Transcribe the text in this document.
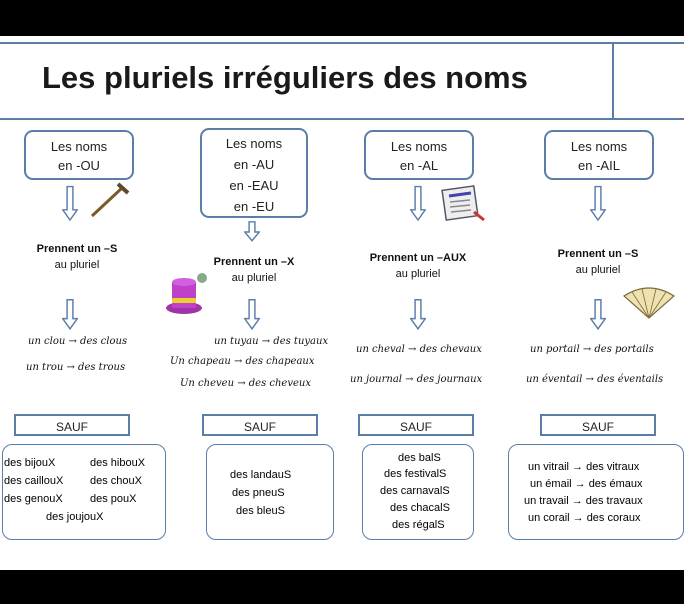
Les pluriels irréguliers des noms
Les noms
en -OU
Prennent un –S
au pluriel
un clou → des clous
un trou → des trous
Les noms
en -AU
en -EAU
en -EU
Prennent un –X
au pluriel
un tuyau → des tuyaux
Un chapeau → des chapeaux
Un cheveu → des cheveux
Les noms
en -AL
Prennent un –AUX
au pluriel
un cheval → des chevaux
un journal → des journaux
Les noms
en -AIL
Prennent un –S
au pluriel
un portail → des portails
un éventail → des éventails
SAUF	SAUF	SAUF	SAUF
des bijouX	des hibouX
des caillouX des chouX
des genouX des pouX
des joujouX
des landauS
des pneuS
des bleuS
des balS
des festivalS
des carnavalS
des chacalS
des régalS
un vitrail → des vitraux
un émail → des émaux
un travail → des travaux
un corail → des coraux
